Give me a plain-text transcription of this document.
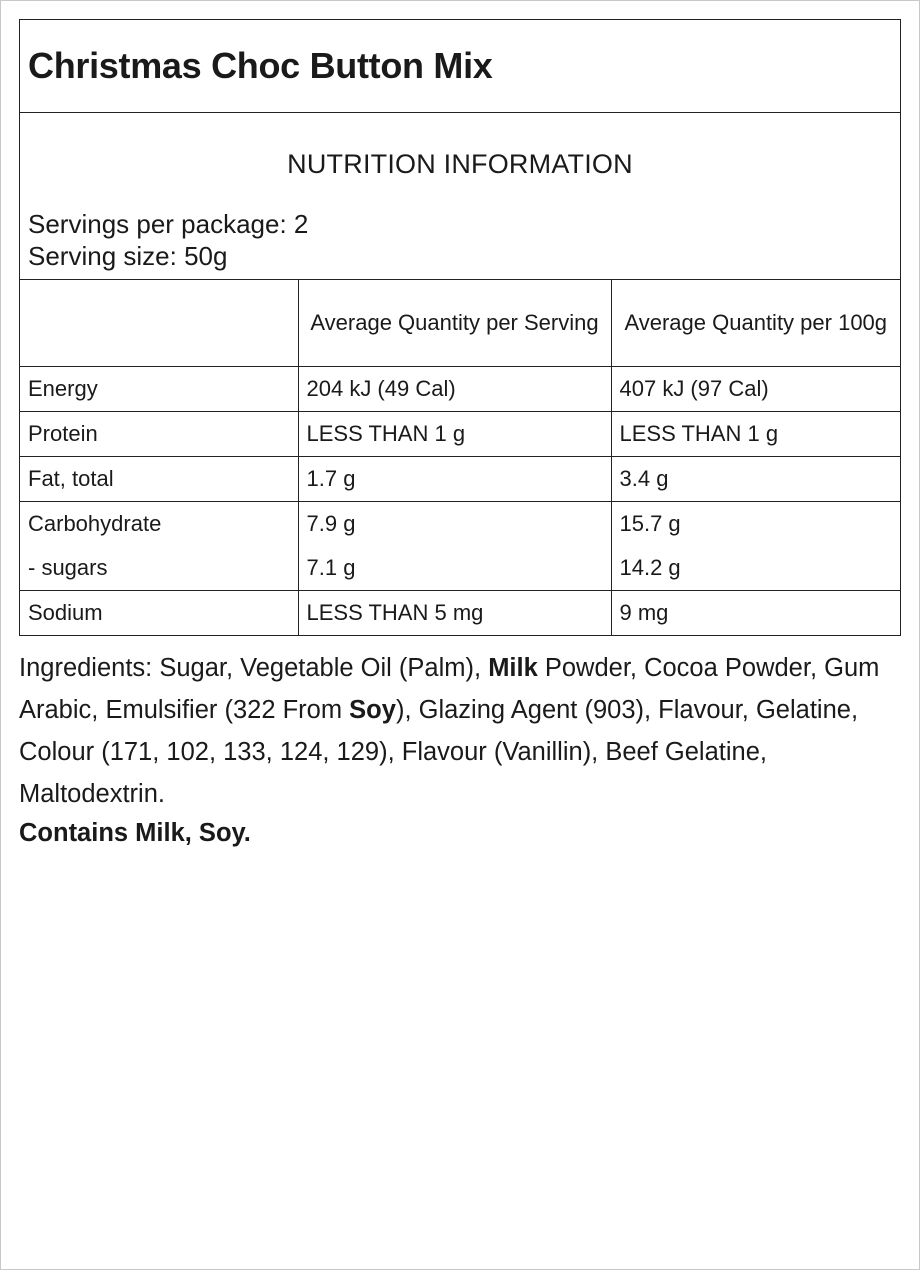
Christmas Choc Button Mix
NUTRITION INFORMATION
Servings per package: 2
Serving size: 50g
	Average Quantity per Serving	Average Quantity per 100g
Energy	204 kJ (49 Cal)	407 kJ (97 Cal)
Protein	LESS THAN 1 g	LESS THAN 1 g
Fat, total	1.7 g	3.4 g
Carbohydrate	7.9 g	15.7 g
- sugars	7.1 g	14.2 g
Sodium	LESS THAN 5 mg	9 mg

Ingredients: Sugar, Vegetable Oil (Palm), Milk Powder, Cocoa Powder, Gum Arabic, Emulsifier (322 From Soy), Glazing Agent (903), Flavour, Gelatine, Colour (171, 102, 133, 124, 129), Flavour (Vanillin), Beef Gelatine, Maltodextrin.

Contains Milk, Soy.
